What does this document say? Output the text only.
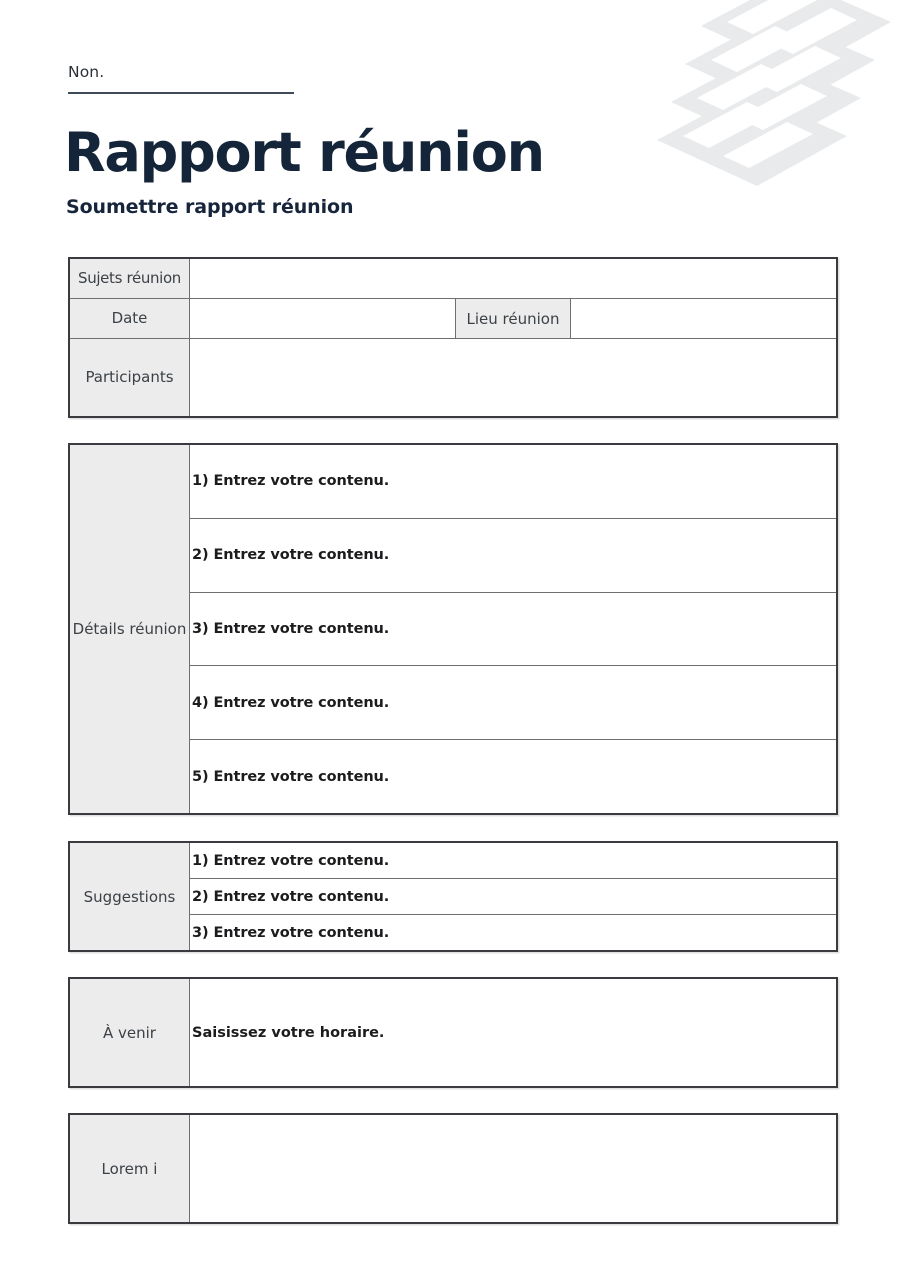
Non.
Rapport réunion
Soumettre rapport réunion
Sujets réunion
Date	Lieu réunion
Participants
Détails réunion
1) Entrez votre contenu.
2) Entrez votre contenu.
3) Entrez votre contenu.
4) Entrez votre contenu.
5) Entrez votre contenu.
Suggestions
1) Entrez votre contenu.
2) Entrez votre contenu.
3) Entrez votre contenu.
À venir	Saisissez votre horaire.
Lorem i
